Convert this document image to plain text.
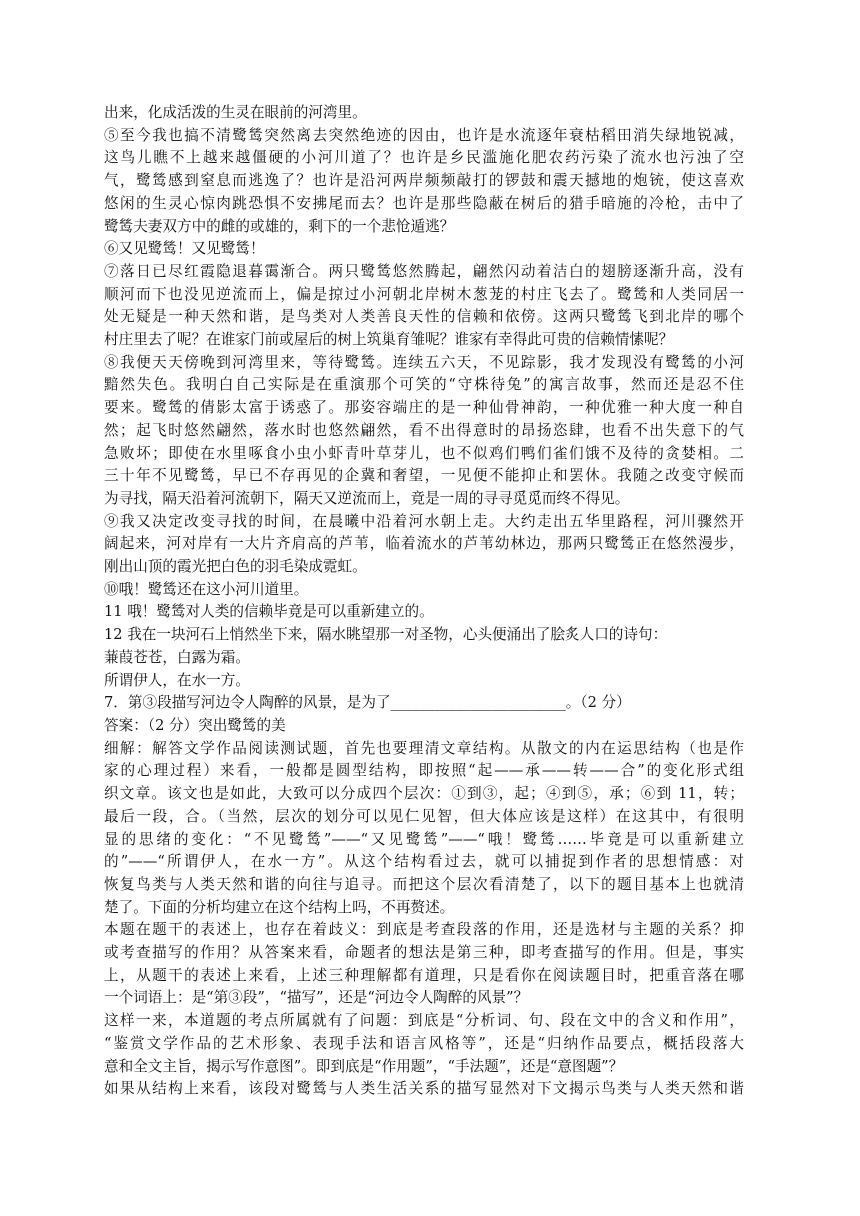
出来，化成活泼的生灵在眼前的河湾里。

⑤至今我也搞不清鹭鸶突然离去突然绝迹的因由，也许是水流逐年衰枯稻田消失绿地锐减，

这鸟儿瞧不上越来越僵硬的小河川道了？也许是乡民滥施化肥农药污染了流水也污浊了空

气，鹭鸶感到窒息而逃逸了？也许是沿河两岸频频敲打的锣鼓和震天撼地的炮铳，使这喜欢

悠闲的生灵心惊肉跳恐惧不安拂尾而去？也许是那些隐蔽在树后的猎手暗施的冷枪，击中了

鹭鸶夫妻双方中的雌的或雄的，剩下的一个悲怆遁逃？

⑥又见鹭鸶！又见鹭鸶！

⑦落日已尽红霞隐退暮霭渐合。两只鹭鸶悠然腾起，翩然闪动着洁白的翅膀逐渐升高，没有

顺河而下也没见逆流而上，偏是掠过小河朝北岸树木葱茏的村庄飞去了。鹭鸶和人类同居一

处无疑是一种天然和谐，是鸟类对人类善良天性的信赖和依傍。这两只鹭鸶飞到北岸的哪个

村庄里去了呢？在谁家门前或屋后的树上筑巢育雏呢？谁家有幸得此可贵的信赖情愫呢？

⑧我便天天傍晚到河湾里来，等待鹭鸶。连续五六天，不见踪影，我才发现没有鹭鸶的小河

黯然失色。我明白自己实际是在重演那个可笑的“守株待兔”的寓言故事，然而还是忍不住

要来。鹭鸶的倩影太富于诱惑了。那姿容端庄的是一种仙骨神韵，一种优雅一种大度一种自

然；起飞时悠然翩然，落水时也悠然翩然，看不出得意时的昂扬恣肆，也看不出失意下的气

急败坏；即使在水里啄食小虫小虾青叶草芽儿，也不似鸡们鸭们雀们饿不及待的贪婪相。二

三十年不见鹭鸶，早已不存再见的企冀和奢望，一见便不能抑止和罢休。我随之改变守候而

为寻找，隔天沿着河流朝下，隔天又逆流而上，竟是一周的寻寻觅觅而终不得见。

⑨我又决定改变寻找的时间，在晨曦中沿着河水朝上走。大约走出五华里路程，河川骤然开

阔起来，河对岸有一大片齐肩高的芦苇，临着流水的芦苇幼林边，那两只鹭鸶正在悠然漫步，

刚出山顶的霞光把白色的羽毛染成霓虹。

⑩哦！鹭鸶还在这小河川道里。

11 哦！鹭鸶对人类的信赖毕竟是可以重新建立的。

12 我在一块河石上悄然坐下来，隔水眺望那一对圣物，心头便涌出了脍炙人口的诗句：

蒹葭苍苍，白露为霜。

所谓伊人，在水一方。

7．第③段描写河边令人陶醉的风景，是为了________________________。（2 分）

答案：（2 分）突出鹭鸶的美

细解：解答文学作品阅读测试题，首先也要理清文章结构。从散文的内在运思结构（也是作

家的心理过程）来看，一般都是圆型结构，即按照“起——承——转——合”的变化形式组

织文章。该文也是如此，大致可以分成四个层次：①到③，起；④到⑤，承；⑥到 11，转；

最后一段，合。（当然，层次的划分可以见仁见智，但大体应该是这样）在这其中，有很明

显的思绪的变化：“不见鹭鸶”——“又见鹭鸶”——“哦！鹭鸶……毕竟是可以重新建立

的”——“所谓伊人，在水一方”。从这个结构看过去，就可以捕捉到作者的思想情感：对

恢复鸟类与人类天然和谐的向往与追寻。而把这个层次看清楚了，以下的题目基本上也就清

楚了。下面的分析均建立在这个结构上吗，不再赘述。

本题在题干的表述上，也存在着歧义：到底是考查段落的作用，还是选材与主题的关系？抑

或考查描写的作用？从答案来看，命题者的想法是第三种，即考查描写的作用。但是，事实

上，从题干的表述上来看，上述三种理解都有道理，只是看你在阅读题目时，把重音落在哪

一个词语上：是“第③段”，“描写”，还是“河边令人陶醉的风景”？

这样一来，本道题的考点所属就有了问题：到底是“分析词、句、段在文中的含义和作用”，

“鉴赏文学作品的艺术形象、表现手法和语言风格等”，还是“归纳作品要点，概括段落大

意和全文主旨，揭示写作意图”。即到底是“作用题”，“手法题”，还是“意图题”？

如果从结构上来看，该段对鹭鸶与人类生活关系的描写显然对下文揭示鸟类与人类天然和谐
